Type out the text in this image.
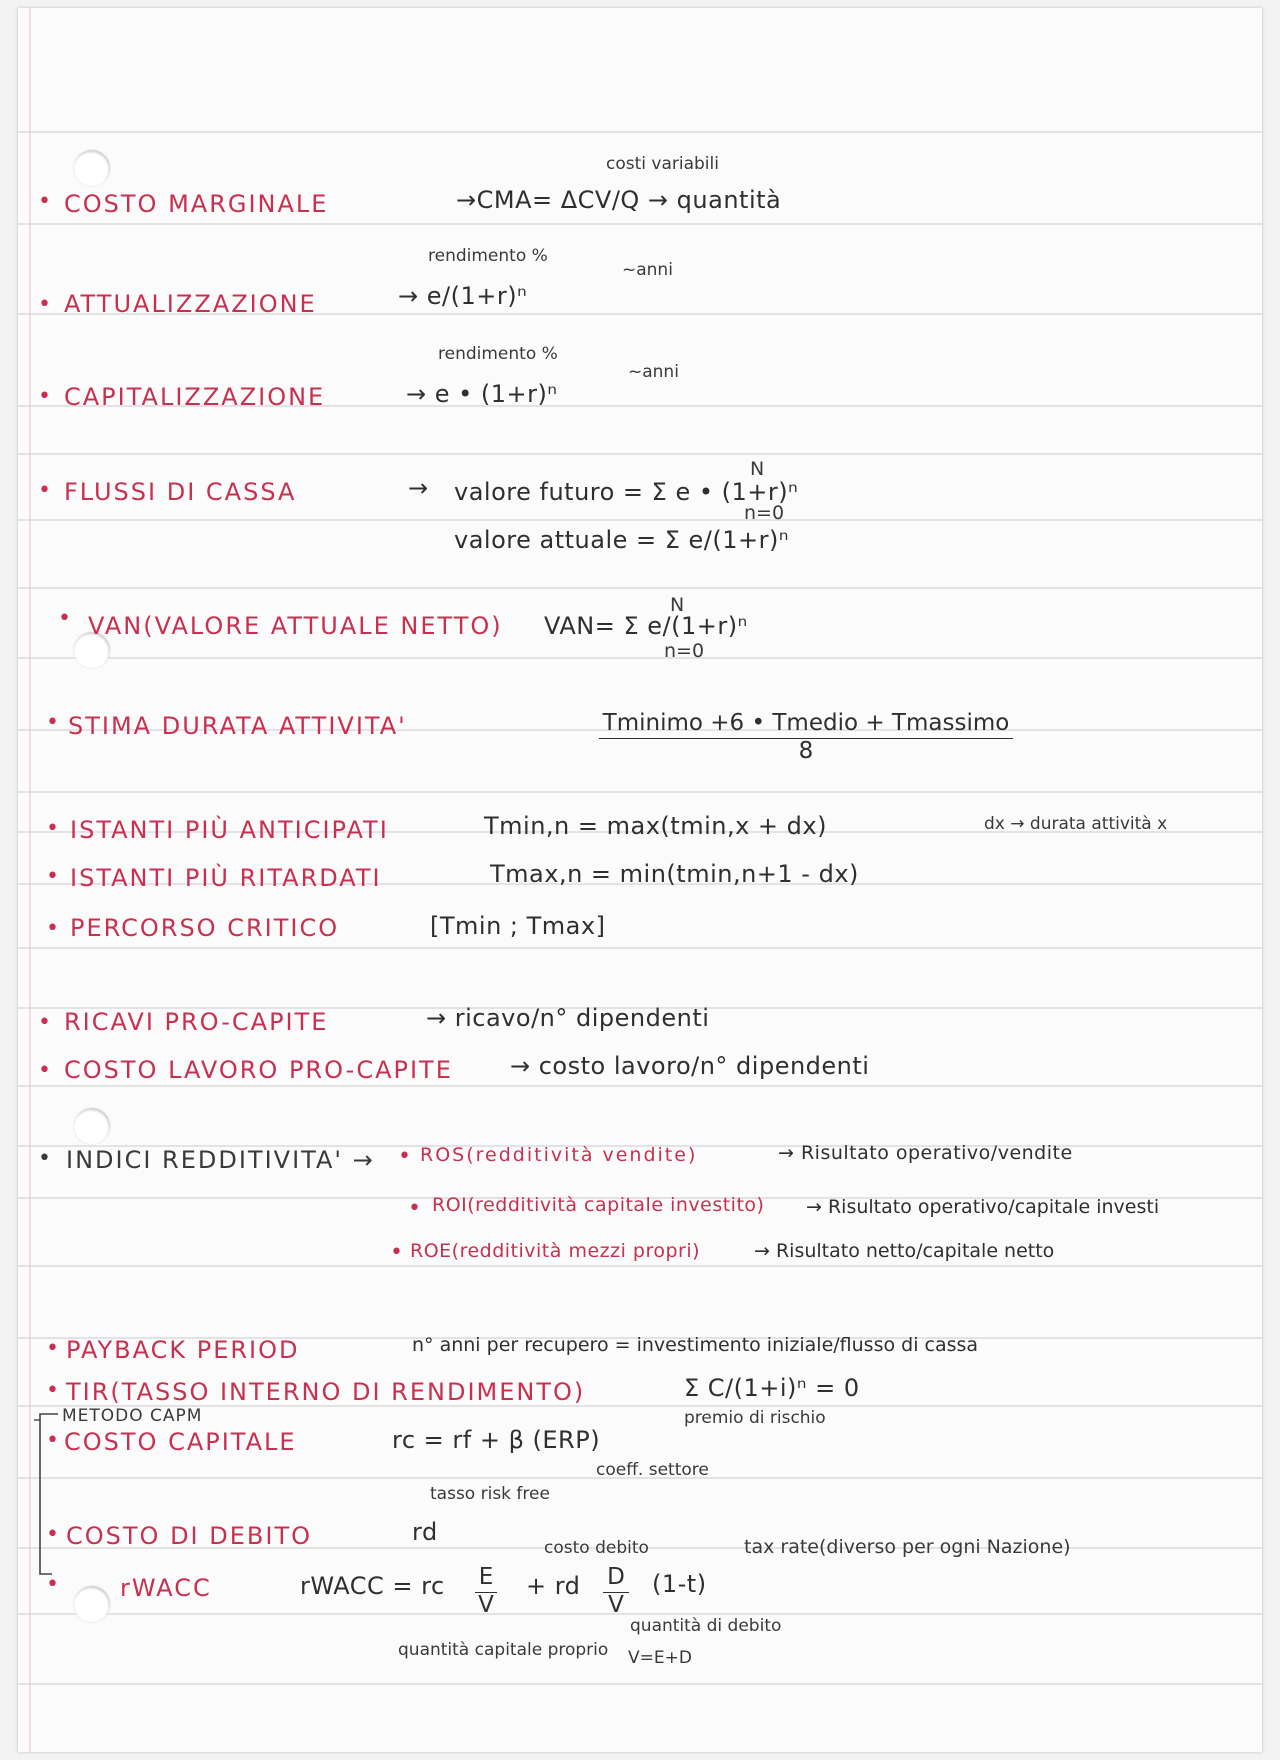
• COSTO MARGINALE
costi variabili
→CMA= ΔCV/Q → quantità
• ATTUALIZZAZIONE
rendimento %
→ e/(1+r)ⁿ
~anni
• CAPITALIZZAZIONE
rendimento %
→ e • (1+r)ⁿ
~anni
• FLUSSI DI CASSA	→
N
valore futuro = Σ e • (1+r)ⁿ
n=0
valore attuale = Σ e/(1+r)ⁿ
• VAN(VALORE ATTUALE NETTO)
N
VAN= Σ e/(1+r)ⁿ
n=0
• STIMA DURATA ATTIVITA'	Tminimo +6 • Tmedio + Tmassimo
8
• ISTANTI PIÙ ANTICIPATI	Tmin,n = max(tmin,x + dx)	dx → durata attività x
• ISTANTI PIÙ RITARDATI	Tmax,n = min(tmin,n+1 - dx)
• PERCORSO CRITICO	[Tmin ; Tmax]
• RICAVI PRO-CAPITE	→ ricavo/n° dipendenti
• COSTO LAVORO PRO-CAPITE → costo lavoro/n° dipendenti
• INDICI REDDITIVITA' → • ROS(redditività vendite)	→ Risultato operativo/vendite
• ROI(redditività capitale investito) → Risultato operativo/capitale investi
• ROE(redditività mezzi propri)	→ Risultato netto/capitale netto
• PAYBACK PERIOD	n° anni per recupero = investimento iniziale/flusso di cassa
• TIR(TASSO INTERNO DI RENDIMENTO)	Σ C/(1+i)ⁿ = 0
METODO CAPM
• COSTO CAPITALE	rc = rf + β (ERP)
premio di rischio
coeff. settore
tasso risk free
• COSTO DI DEBITO	rd
•	rWACC
costo debito	tax rate(diverso per ogni Nazione)
rWACC = rc $\frac{E}{V}$ + rd $\frac{D}{V} (1-t)$
quantità di debito
quantità capitale proprio	V=E+D
